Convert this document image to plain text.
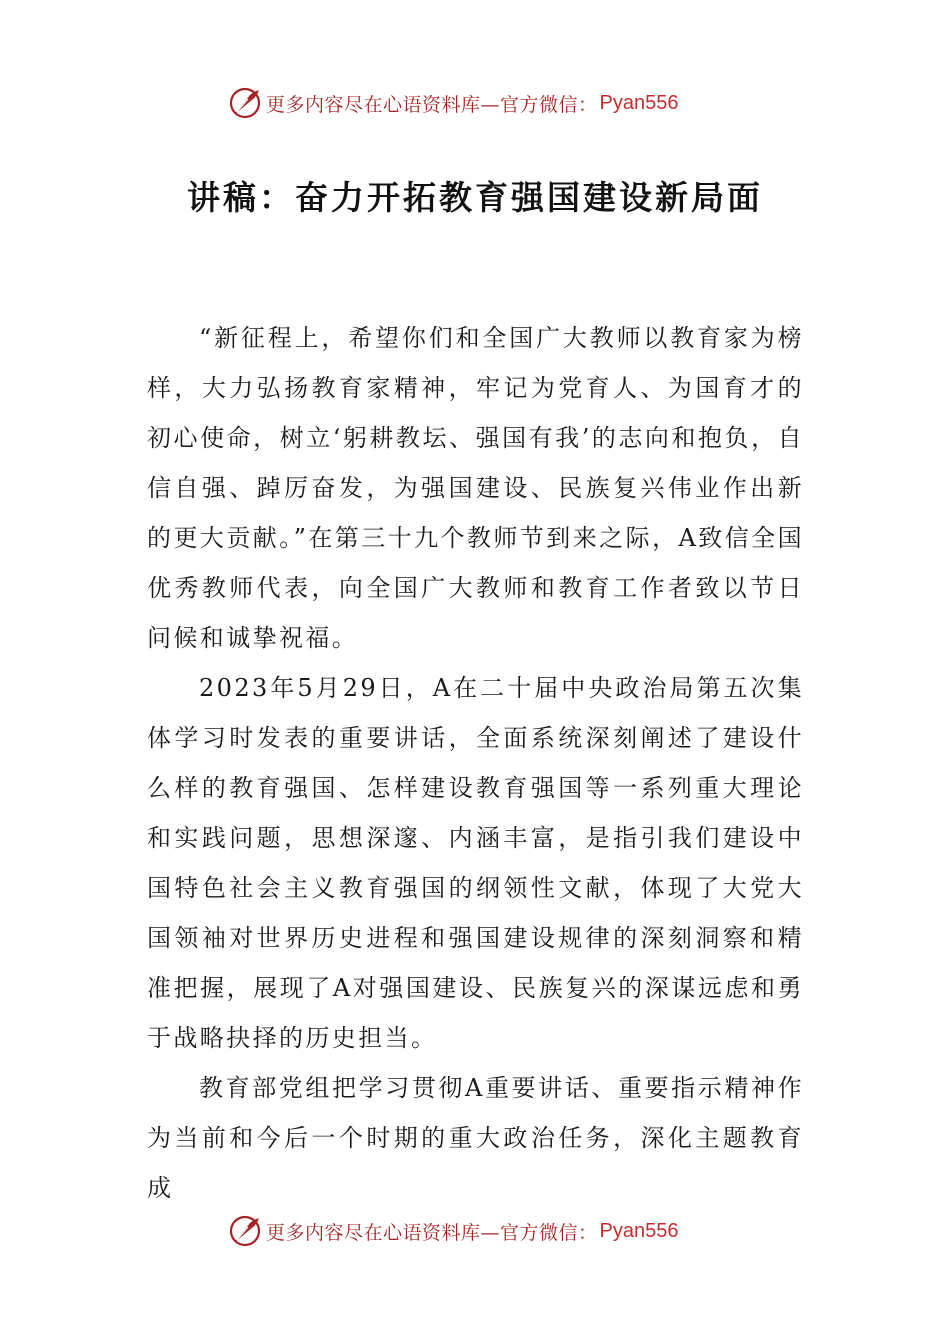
更多内容尽在心语资料库—官方微信： Pyan556
讲稿：奋力开拓教育强国建设新局面

“新征程上，希望你们和全国广大教师以教育家为榜样，大力弘扬教育家精神，牢记为党育人、为国育才的初心使命，树立‘躬耕教坛、强国有我’的志向和抱负，自信自强、踔厉奋发，为强国建设、民族复兴伟业作出新的更大贡献。”在第三十九个教师节到来之际，A致信全国优秀教师代表，向全国广大教师和教育工作者致以节日问候和诚挚祝福。

2023年5月29日，A在二十届中央政治局第五次集体学习时发表的重要讲话，全面系统深刻阐述了建设什么样的教育强国、怎样建设教育强国等一系列重大理论和实践问题，思想深邃、内涵丰富，是指引我们建设中国特色社会主义教育强国的纲领性文献，体现了大党大国领袖对世界历史进程和强国建设规律的深刻洞察和精准把握，展现了A对强国建设、民族复兴的深谋远虑和勇于战略抉择的历史担当。

教育部党组把学习贯彻A重要讲话、重要指示精神作为当前和今后一个时期的重大政治任务，深化主题教育成

更多内容尽在心语资料库—官方微信： Pyan556
